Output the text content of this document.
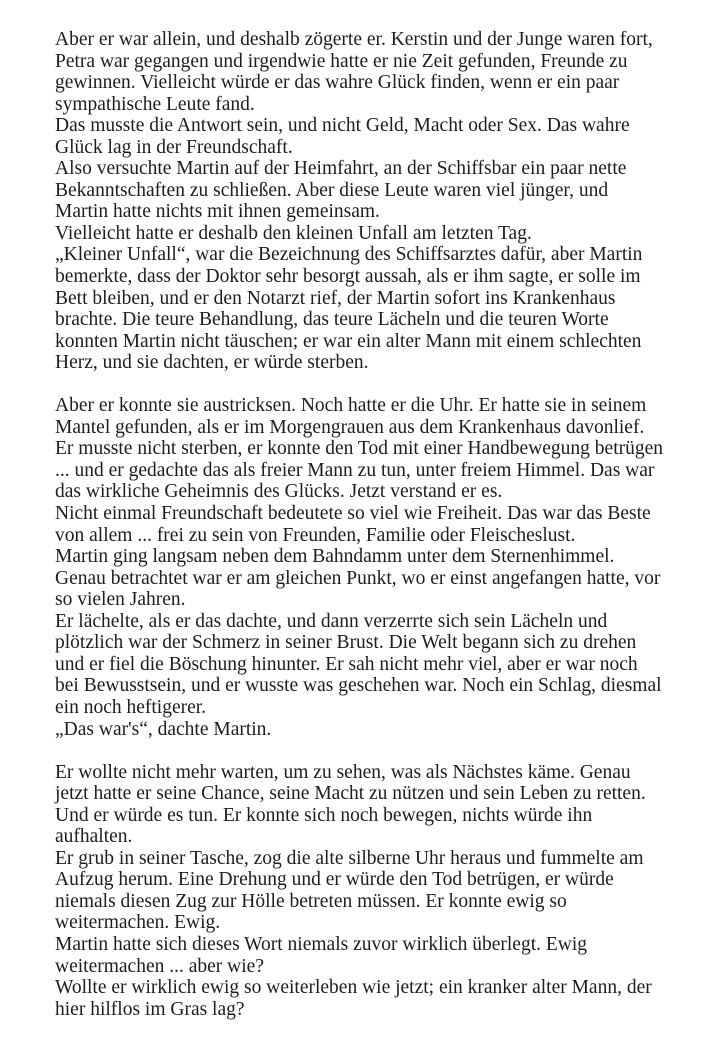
Aber er war allein, und deshalb zögerte er. Kerstin und der Junge waren fort,
Petra war gegangen und irgendwie hatte er nie Zeit gefunden, Freunde zu
gewinnen. Vielleicht würde er das wahre Glück finden, wenn er ein paar
sympathische Leute fand.
Das musste die Antwort sein, und nicht Geld, Macht oder Sex. Das wahre
Glück lag in der Freundschaft.
Also versuchte Martin auf der Heimfahrt, an der Schiffsbar ein paar nette
Bekanntschaften zu schließen. Aber diese Leute waren viel jünger, und
Martin hatte nichts mit ihnen gemeinsam.
Vielleicht hatte er deshalb den kleinen Unfall am letzten Tag.
„Kleiner Unfall“, war die Bezeichnung des Schiffsarztes dafür, aber Martin
bemerkte, dass der Doktor sehr besorgt aussah, als er ihm sagte, er solle im
Bett bleiben, und er den Notarzt rief, der Martin sofort ins Krankenhaus
brachte. Die teure Behandlung, das teure Lächeln und die teuren Worte
konnten Martin nicht täuschen; er war ein alter Mann mit einem schlechten
Herz, und sie dachten, er würde sterben.
Aber er konnte sie austricksen. Noch hatte er die Uhr. Er hatte sie in seinem
Mantel gefunden, als er im Morgengrauen aus dem Krankenhaus davonlief.
Er musste nicht sterben, er konnte den Tod mit einer Handbewegung betrügen
... und er gedachte das als freier Mann zu tun, unter freiem Himmel. Das war
das wirkliche Geheimnis des Glücks. Jetzt verstand er es.
Nicht einmal Freundschaft bedeutete so viel wie Freiheit. Das war das Beste
von allem ... frei zu sein von Freunden, Familie oder Fleischeslust.
Martin ging langsam neben dem Bahndamm unter dem Sternenhimmel.
Genau betrachtet war er am gleichen Punkt, wo er einst angefangen hatte, vor
so vielen Jahren.
Er lächelte, als er das dachte, und dann verzerrte sich sein Lächeln und
plötzlich war der Schmerz in seiner Brust. Die Welt begann sich zu drehen
und er fiel die Böschung hinunter. Er sah nicht mehr viel, aber er war noch
bei Bewusstsein, und er wusste was geschehen war. Noch ein Schlag, diesmal
ein noch heftigerer.
„Das war's“, dachte Martin.
Er wollte nicht mehr warten, um zu sehen, was als Nächstes käme. Genau
jetzt hatte er seine Chance, seine Macht zu nützen und sein Leben zu retten.
Und er würde es tun. Er konnte sich noch bewegen, nichts würde ihn
aufhalten.
Er grub in seiner Tasche, zog die alte silberne Uhr heraus und fummelte am
Aufzug herum. Eine Drehung und er würde den Tod betrügen, er würde
niemals diesen Zug zur Hölle betreten müssen. Er konnte ewig so
weitermachen. Ewig.
Martin hatte sich dieses Wort niemals zuvor wirklich überlegt. Ewig
weitermachen ... aber wie?
Wollte er wirklich ewig so weiterleben wie jetzt; ein kranker alter Mann, der
hier hilflos im Gras lag?
